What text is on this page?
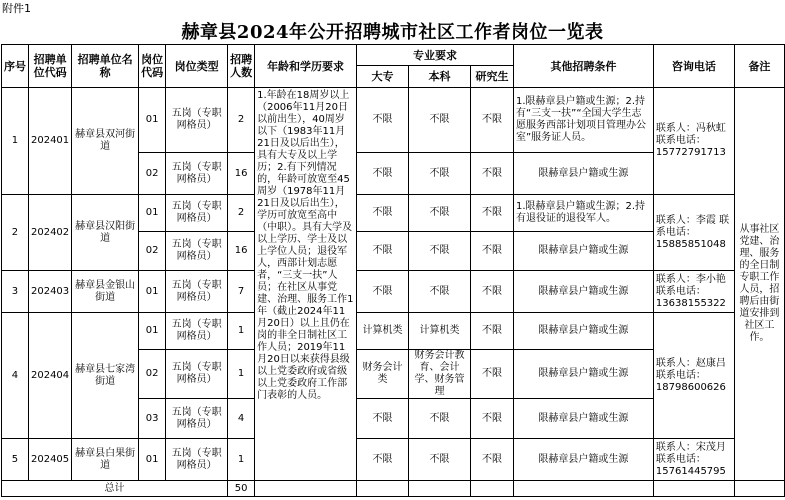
附件1
赫章县2024年公开招聘城市社区工作者岗位一览表
序号	招聘单位代码	招聘单位名称	岗位代码	岗位类型	招聘人数	年龄和学历要求	专业要求			其他招聘条件	咨询电话	备注
							大专	本科	研究生			
1	202401	赫章县双河街道	01	五岗（专职网格员）	2	1.年龄在18周岁以上（2006年11月20日以前出生），40周岁以下（1983年11月21日及以后出生），具有大专及以上学历；2.有下列情况的，年龄可放宽至45周岁（1978年11月21日及以后出生），学历可放宽至高中（中职）。具有大学及以上学历、学士及以上学位人员；退役军人，西部计划志愿者，“三支一扶”人员；在社区从事党建、治理、服务工作1年（截止2024年11月20日）以上且仍在岗的非全日制社区工作人员；2019年11月20日以来获得县级以上党委政府或省级以上党委政府工作部门表彰的人员。	不限	不限	不限	1.限赫章县户籍或生源；2.持有“三支一扶”“全国大学生志愿服务西部计划项目管理办公室”服务证人员。	联系人：冯秋虹 联系电话：15772791713	从事社区党建、治理、服务的全日制专职工作人员，招聘后由街道安排到社区工作。
			02	五岗（专职网格员）	16		不限	不限	不限	限赫章县户籍或生源		
2	202402	赫章县汉阳街道	01	五岗（专职网格员）	2		不限	不限	不限	1.限赫章县户籍或生源；2.持有退役证的退役军人。	联系人：李霞 联系电话：15885851048	
			02	五岗（专职网格员）	16		不限	不限	不限	限赫章县户籍或生源		
3	202403	赫章县金银山街道	01	五岗（专职网格员）	7		不限	不限	不限	限赫章县户籍或生源	联系人：李小艳 联系电话：13638155322	
4	202404	赫章县七家湾街道	01	五岗（专职网格员）	1		计算机类	计算机类	不限	限赫章县户籍或生源	联系人：赵康吕 联系电话：18798600626	
			02	五岗（专职网格员）	1		财务会计类	财务会计教育、会计学、财务管理	不限	限赫章县户籍或生源		
			03	五岗（专职网格员）	4		不限	不限	不限	限赫章县户籍或生源		
5	202405	赫章县白果街道	01	五岗（专职网格员）	1		不限	不限	不限	限赫章县户籍或生源	联系人：宋茂月 联系电话：15761445795	
总计					50							
